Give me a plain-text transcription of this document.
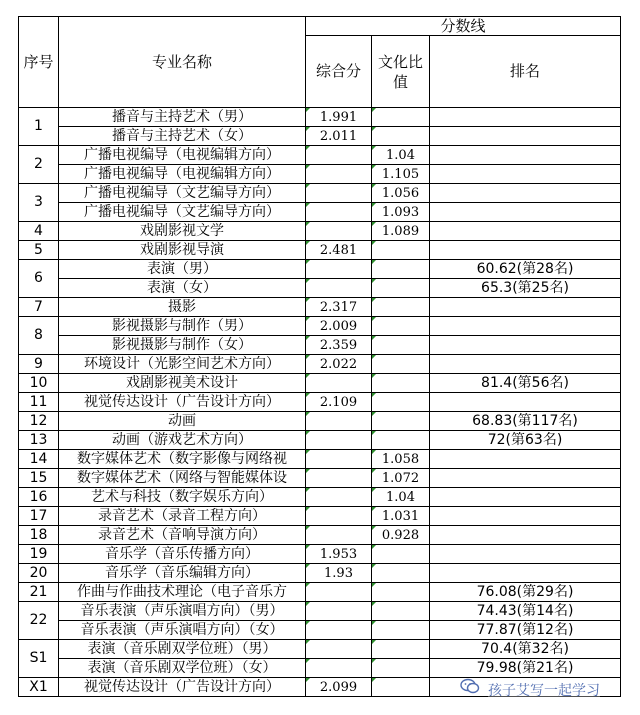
序号	专业名称	分数线		
		综合分	文化比值	排名
1	播音与主持艺术（男）	1.991		
	播音与主持艺术（女）	2.011		
2	广播电视编导（电视编辑方向）		1.04	
	广播电视编导（电视编辑方向）		1.105	
3	广播电视编导（文艺编导方向）		1.056	
	广播电视编导（文艺编导方向）		1.093	
4	戏剧影视文学		1.089	
5	戏剧影视导演	2.481		
6	表演（男）			60.62(第28名)
	表演（女）			65.3(第25名)
7	摄影	2.317		
8	影视摄影与制作（男）	2.009		
	影视摄影与制作（女）	2.359		
9	环境设计（光影空间艺术方向）	2.022		
10	戏剧影视美术设计			81.4(第56名)
11	视觉传达设计（广告设计方向）	2.109		
12	动画			68.83(第117名)
13	动画（游戏艺术方向）			72(第63名)
14	数字媒体艺术（数字影像与网络视		1.058	
15	数字媒体艺术（网络与智能媒体设		1.072	
16	艺术与科技（数字娱乐方向）		1.04	
17	录音艺术（录音工程方向）		1.031	
18	录音艺术（音响导演方向）		0.928	
19	音乐学（音乐传播方向）	1.953		
20	音乐学（音乐编辑方向）	1.93		
21	作曲与作曲技术理论（电子音乐方			76.08(第29名)
22	音乐表演（声乐演唱方向）（男）			74.43(第14名)
	音乐表演（声乐演唱方向）（女）			77.87(第12名)
S1	表演（音乐剧双学位班）（男）			70.4(第32名)
	表演（音乐剧双学位班）（女）			79.98(第21名)
X1	视觉传达设计（广告设计方向）	2.099			孩子艾写一起学习
